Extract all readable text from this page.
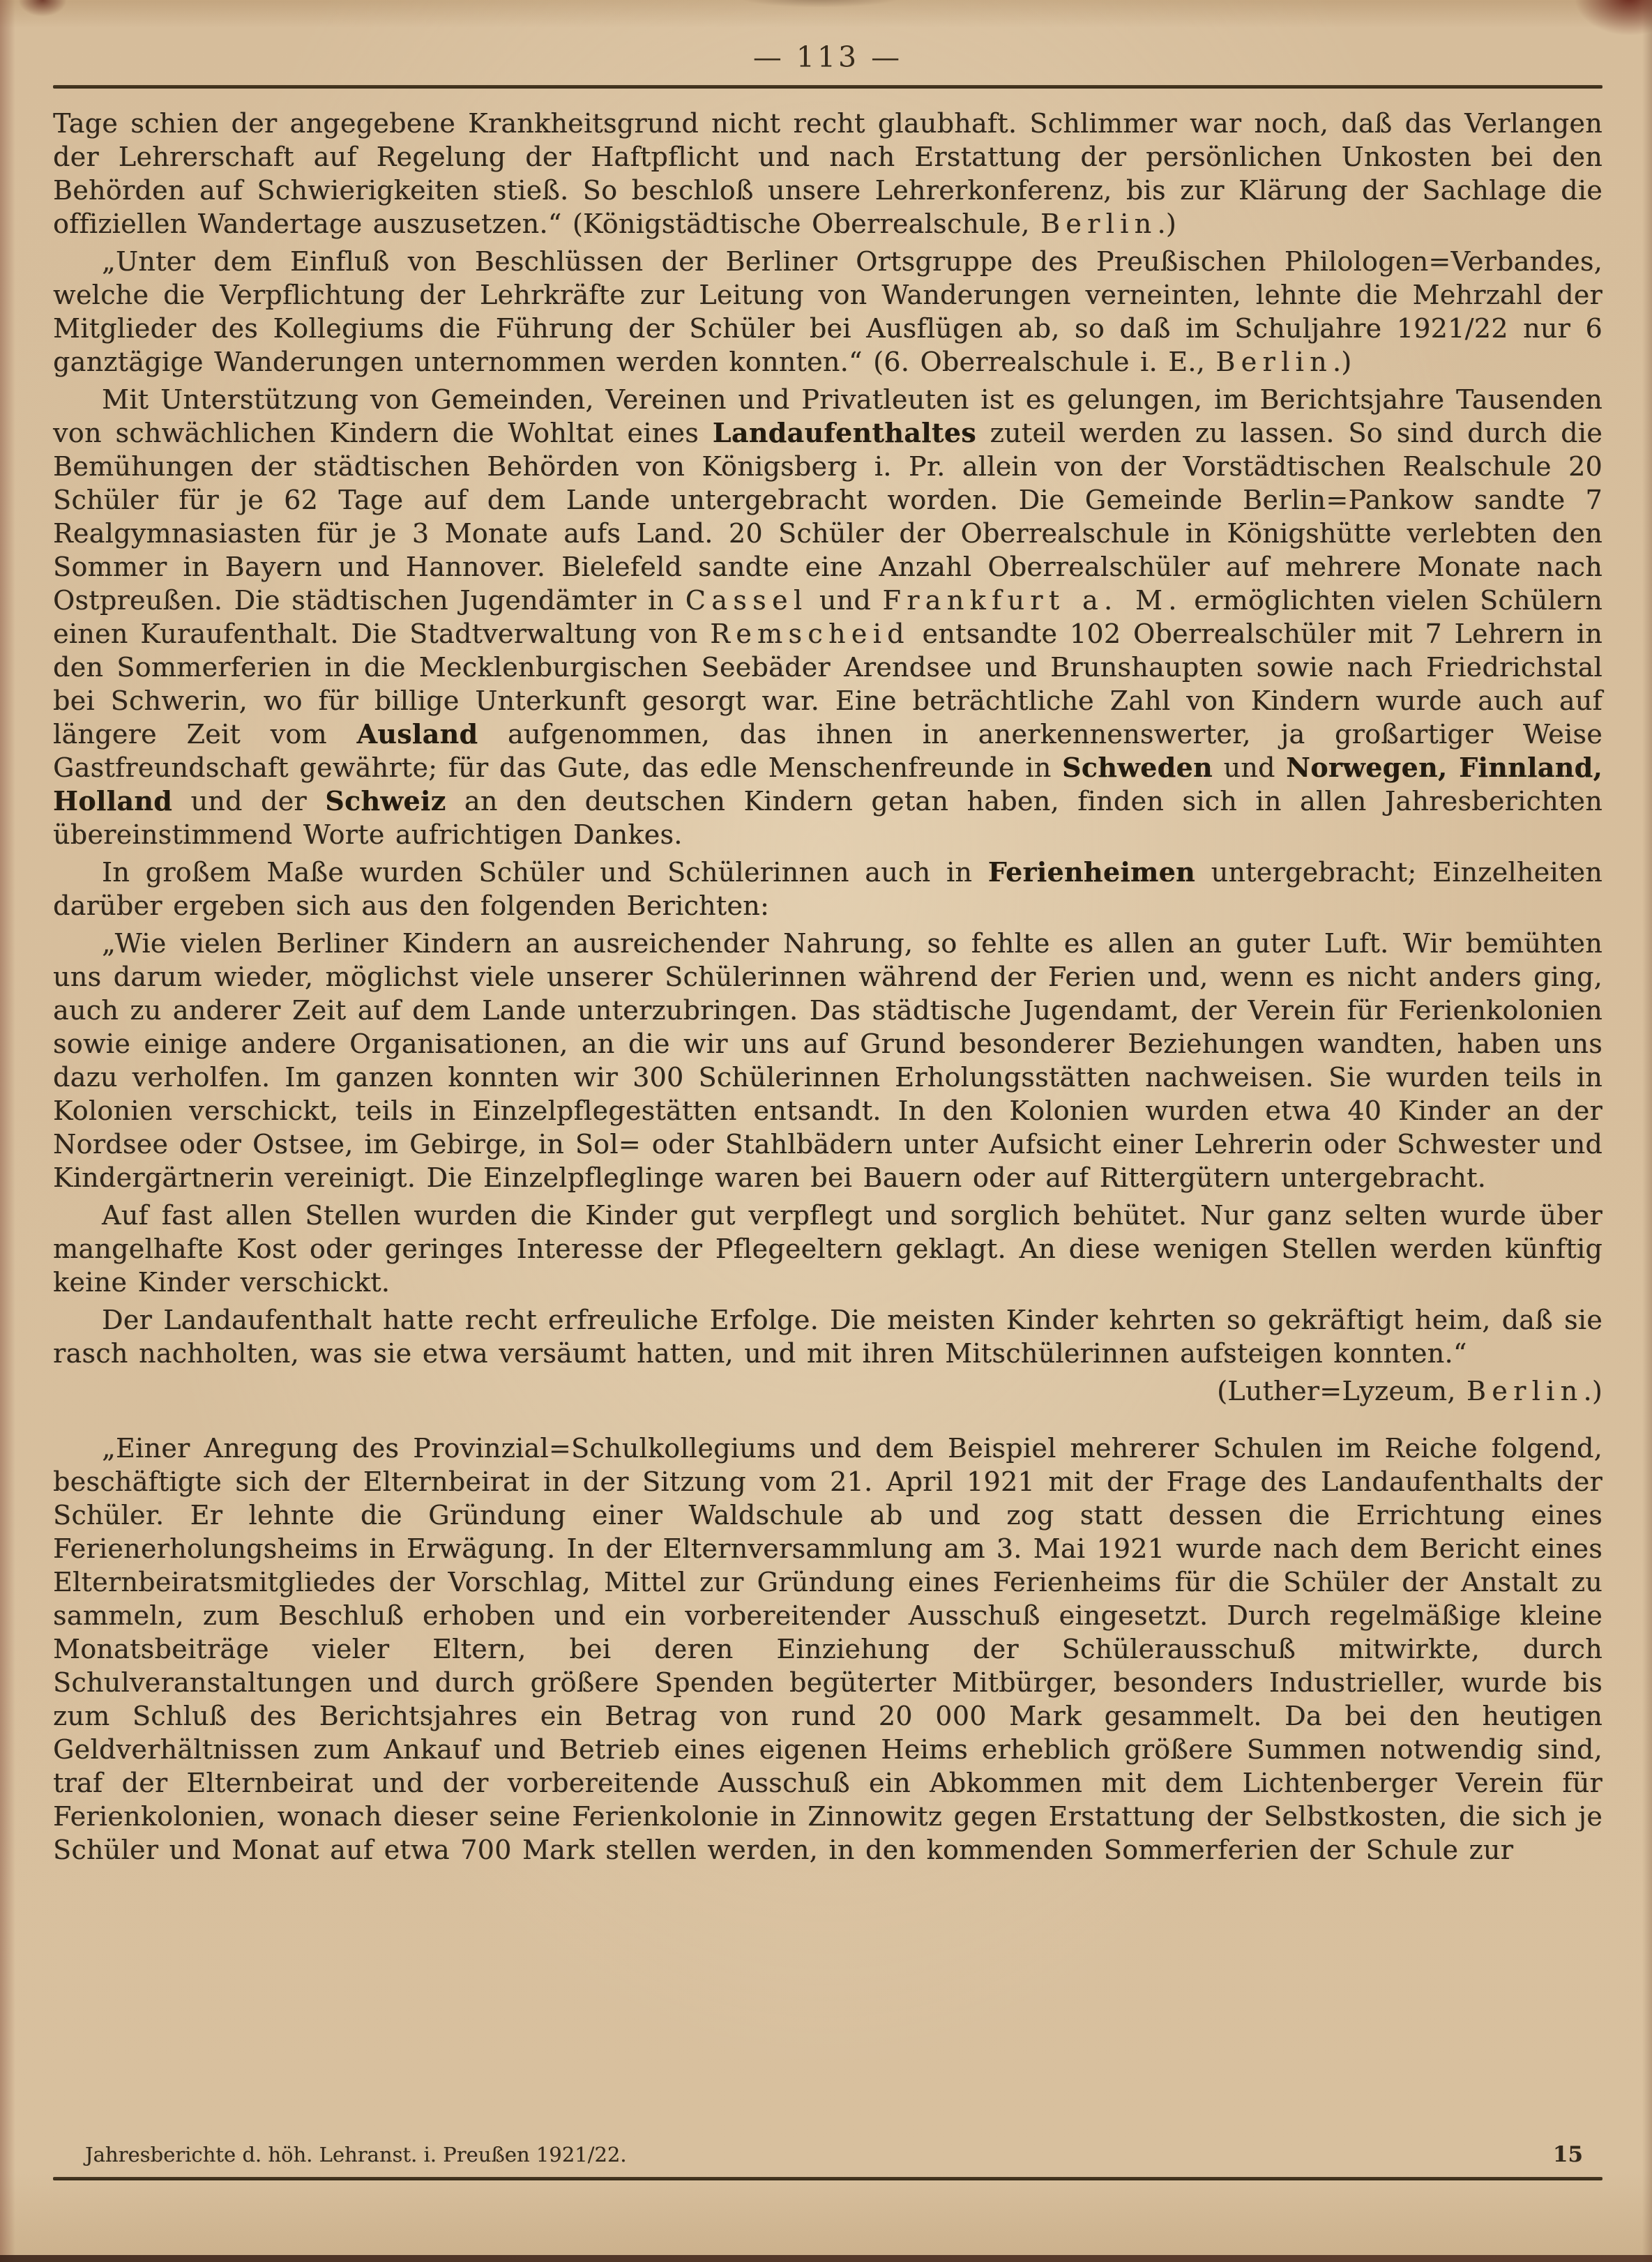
— 113 —

Tage schien der angegebene Krankheitsgrund nicht recht glaubhaft. Schlimmer war noch, daß das Verlangen der Lehrerschaft auf Regelung der Haftpflicht und nach Erstattung der persönlichen Unkosten bei den Behörden auf Schwierigkeiten stieß. So beschloß unsere Lehrerkonferenz, bis zur Klärung der Sachlage die offiziellen Wandertage auszusetzen.“ (Königstädtische Oberrealschule, Berlin.)

„Unter dem Einfluß von Beschlüssen der Berliner Ortsgruppe des Preußischen Philologen=Verbandes, welche die Verpflichtung der Lehrkräfte zur Leitung von Wanderungen verneinten, lehnte die Mehrzahl der Mitglieder des Kollegiums die Führung der Schüler bei Ausflügen ab, so daß im Schuljahre 1921/22 nur 6 ganztägige Wanderungen unternommen werden konnten.“ (6. Oberrealschule i. E., Berlin.)

Mit Unterstützung von Gemeinden, Vereinen und Privatleuten ist es gelungen, im Berichtsjahre Tausenden von schwächlichen Kindern die Wohltat eines Landaufenthaltes zuteil werden zu lassen. So sind durch die Bemühungen der städtischen Behörden von Königsberg i. Pr. allein von der Vorstädtischen Realschule 20 Schüler für je 62 Tage auf dem Lande untergebracht worden. Die Gemeinde Berlin=Pankow sandte 7 Realgymnasiasten für je 3 Monate aufs Land. 20 Schüler der Oberrealschule in Königshütte verlebten den Sommer in Bayern und Hannover. Bielefeld sandte eine Anzahl Oberrealschüler auf mehrere Monate nach Ostpreußen. Die städtischen Jugendämter in Cassel und Frankfurt a. M. ermöglichten vielen Schülern einen Kuraufenthalt. Die Stadtverwaltung von Remscheid entsandte 102 Oberrealschüler mit 7 Lehrern in den Sommerferien in die Mecklenburgischen Seebäder Arendsee und Brunshaupten sowie nach Friedrichstal bei Schwerin, wo für billige Unterkunft gesorgt war. Eine beträchtliche Zahl von Kindern wurde auch auf längere Zeit vom Ausland aufgenommen, das ihnen in anerkennenswerter, ja großartiger Weise Gastfreundschaft gewährte; für das Gute, das edle Menschenfreunde in Schweden und Norwegen, Finnland, Holland und der Schweiz an den deutschen Kindern getan haben, finden sich in allen Jahresberichten übereinstimmend Worte aufrichtigen Dankes.

In großem Maße wurden Schüler und Schülerinnen auch in Ferienheimen untergebracht; Einzelheiten darüber ergeben sich aus den folgenden Berichten:

„Wie vielen Berliner Kindern an ausreichender Nahrung, so fehlte es allen an guter Luft. Wir bemühten uns darum wieder, möglichst viele unserer Schülerinnen während der Ferien und, wenn es nicht anders ging, auch zu anderer Zeit auf dem Lande unterzubringen. Das städtische Jugendamt, der Verein für Ferienkolonien sowie einige andere Organisationen, an die wir uns auf Grund besonderer Beziehungen wandten, haben uns dazu verholfen. Im ganzen konnten wir 300 Schülerinnen Erholungsstätten nachweisen. Sie wurden teils in Kolonien verschickt, teils in Einzelpflegestätten entsandt. In den Kolonien wurden etwa 40 Kinder an der Nordsee oder Ostsee, im Gebirge, in Sol= oder Stahlbädern unter Aufsicht einer Lehrerin oder Schwester und Kindergärtnerin vereinigt. Die Einzelpfleglinge waren bei Bauern oder auf Rittergütern untergebracht.

Auf fast allen Stellen wurden die Kinder gut verpflegt und sorglich behütet. Nur ganz selten wurde über mangelhafte Kost oder geringes Interesse der Pflegeeltern geklagt. An diese wenigen Stellen werden künftig keine Kinder verschickt.

Der Landaufenthalt hatte recht erfreuliche Erfolge. Die meisten Kinder kehrten so gekräftigt heim, daß sie rasch nachholten, was sie etwa versäumt hatten, und mit ihren Mitschülerinnen aufsteigen konnten.“

(Luther=Lyzeum, Berlin.)

„Einer Anregung des Provinzial=Schulkollegiums und dem Beispiel mehrerer Schulen im Reiche folgend, beschäftigte sich der Elternbeirat in der Sitzung vom 21. April 1921 mit der Frage des Landaufenthalts der Schüler. Er lehnte die Gründung einer Waldschule ab und zog statt dessen die Errichtung eines Ferienerholungsheims in Erwägung. In der Elternversammlung am 3. Mai 1921 wurde nach dem Bericht eines Elternbeiratsmitgliedes der Vorschlag, Mittel zur Gründung eines Ferienheims für die Schüler der Anstalt zu sammeln, zum Beschluß erhoben und ein vorbereitender Ausschuß eingesetzt. Durch regelmäßige kleine Monatsbeiträge vieler Eltern, bei deren Einziehung der Schülerausschuß mitwirkte, durch Schulveranstaltungen und durch größere Spenden begüterter Mitbürger, besonders Industrieller, wurde bis zum Schluß des Berichtsjahres ein Betrag von rund 20 000 Mark gesammelt. Da bei den heutigen Geldverhältnissen zum Ankauf und Betrieb eines eigenen Heims erheblich größere Summen notwendig sind, traf der Elternbeirat und der vorbereitende Ausschuß ein Abkommen mit dem Lichtenberger Verein für Ferienkolonien, wonach dieser seine Ferienkolonie in Zinnowitz gegen Erstattung der Selbstkosten, die sich je Schüler und Monat auf etwa 700 Mark stellen werden, in den kommenden Sommerferien der Schule zur

Jahresberichte d. höh. Lehranst. i. Preußen 1921/22.	15
